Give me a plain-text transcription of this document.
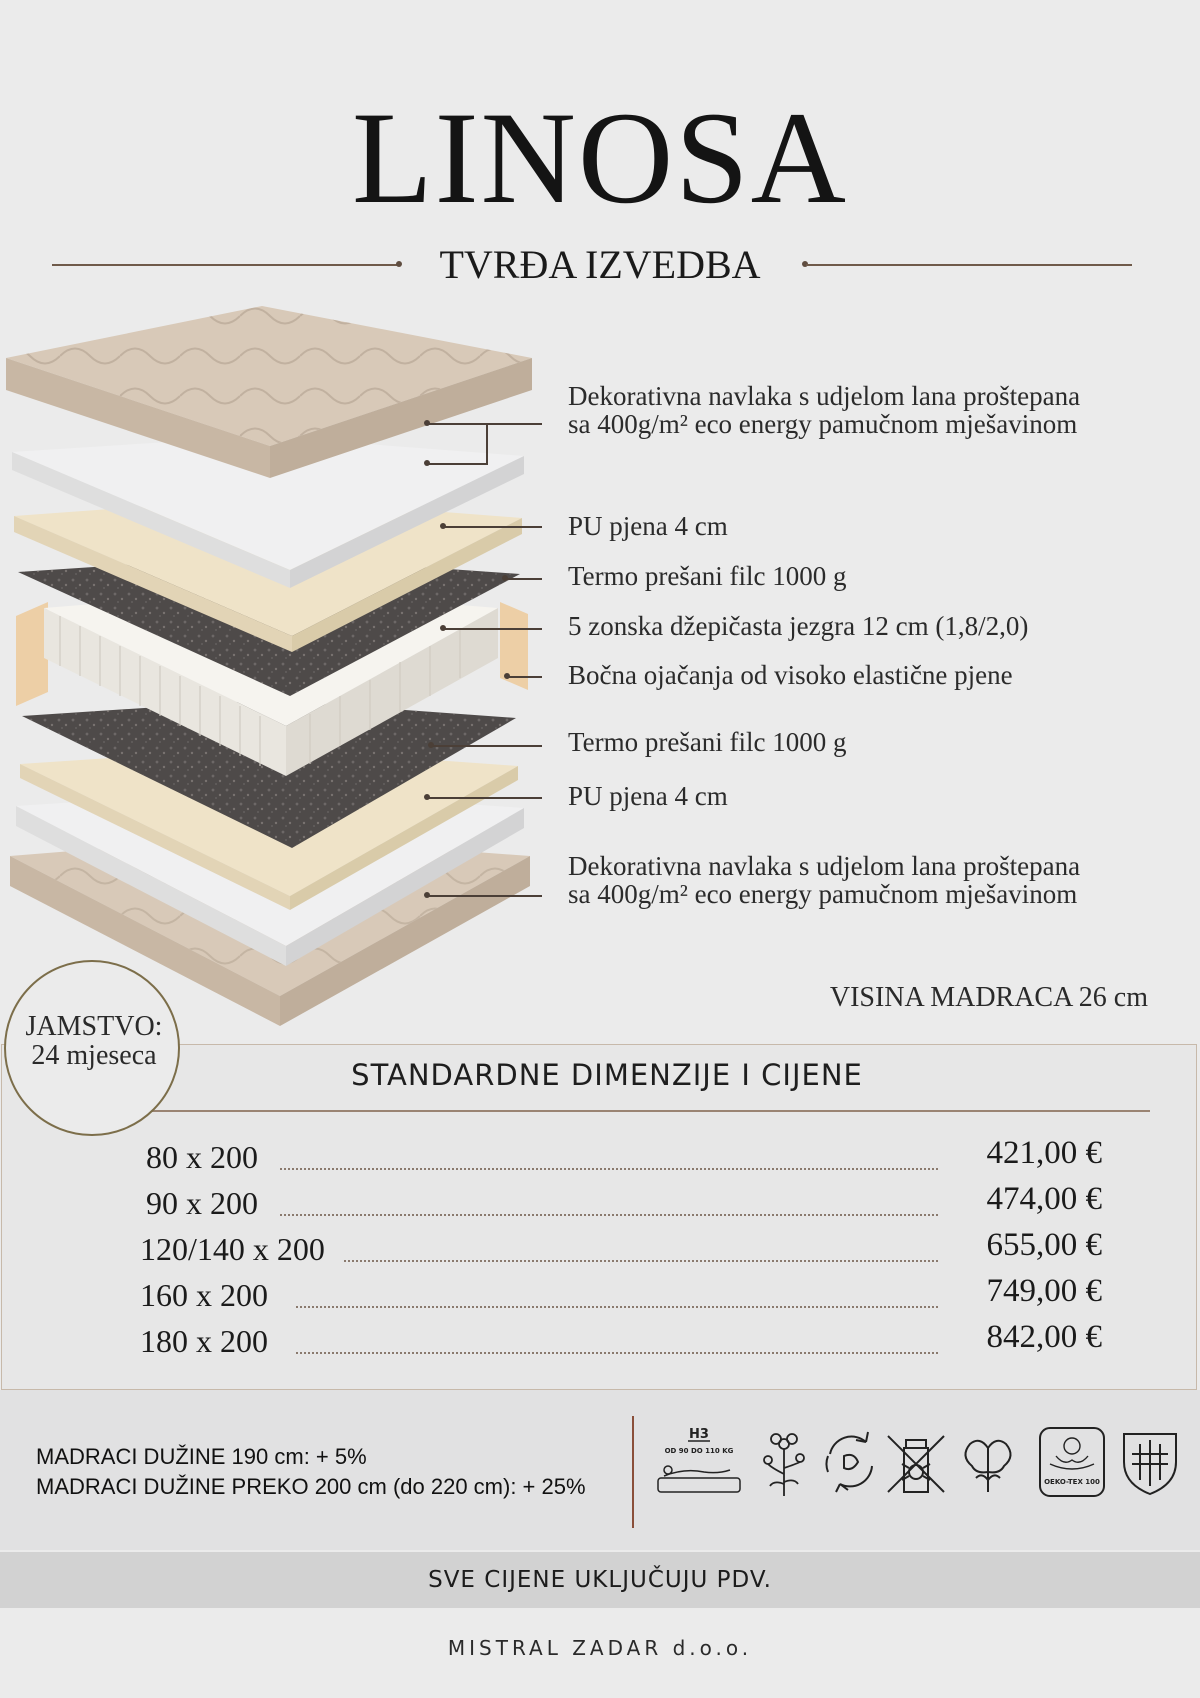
LINOSA
TVRĐA IZVEDBA
Dekorativna navlaka s udjelom lana proštepana sa 400g/m² eco energy pamučnom mješavinom
PU pjena 4 cm
Termo prešani filc 1000 g
5 zonska džepičasta jezgra 12 cm (1,8/2,0)
Bočna ojačanja od visoko elastične pjene
Termo prešani filc 1000 g
PU pjena 4 cm
Dekorativna navlaka s udjelom lana proštepana sa 400g/m² eco energy pamučnom mješavinom
VISINA MADRACA 26 cm
STANDARDNE DIMENZIJE I CIJENE
80 x 200	421,00 €
90 x 200	474,00 €
120/140 x 200	655,00 €
160 x 200	749,00 €
180 x 200	842,00 €
JAMSTVO:
24 mjeseca
MADRACI DUŽINE 190 cm: + 5%
MADRACI DUŽINE PREKO 200 cm (do 220 cm): + 25%
H3
OD 90 DO 110 KG
OEKO-TEX 100
SVE CIJENE UKLJUČUJU PDV.
MISTRAL ZADAR d.o.o.
